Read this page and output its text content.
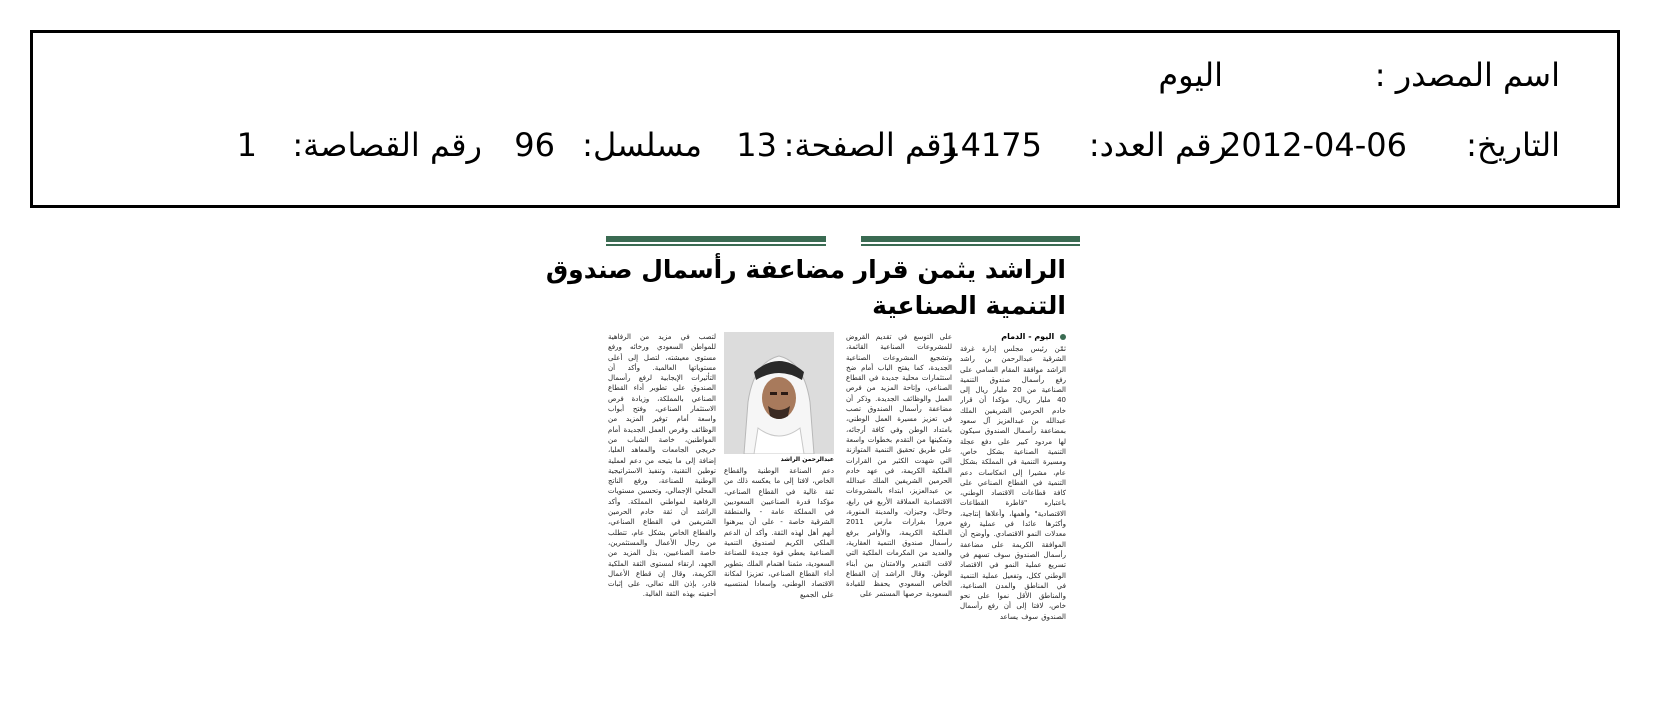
اسم المصدر :
اليوم
التاريخ:
2012-04-06
رقم العدد:
14175
رقم الصفحة:
13
مسلسل:
96
رقم القصاصة:
1
الراشد يثمن قرار مضاعفة رأسمال صندوق
التنمية الصناعية
اليوم - الدمام
ثمّن رئيس مجلس إدارة غرفة الشرقية عبدالرحمن بن راشد الراشد موافقة المقام السامي على رفع رأسمال صندوق التنمية الصناعية من 20 مليار ريال إلى 40 مليار ريال، مؤكدا أن قرار خادم الحرمين الشريفين الملك عبدالله بن عبدالعزيز آل سعود بمضاعفة رأسمال الصندوق سيكون لها مردود كبير على دفع عجلة التنمية الصناعية بشكل خاص، ومسيرة التنمية في المملكة بشكل عام، مشيرا إلى انعكاسات دعم التنمية في القطاع الصناعي على كافة قطاعات الاقتصاد الوطني، باعتباره "قاطرة القطاعات الاقتصادية" وأهمها، وأعلاها إنتاجية، وأكثرها عائدا في عملية رفع معدلات النمو الاقتصادي. وأوضح أن الموافقة الكريمة على مضاعفة رأسمال الصندوق سوف تسهم في تسريع عملية النمو في الاقتصاد الوطني ككل، وتفعيل عملية التنمية في المناطق والمدن الصناعية، والمناطق الأقل نموا على نحو خاص، لافتا إلى أن رفع رأسمال الصندوق سوف يساعد
على التوسع في تقديم القروض للمشروعات الصناعية القائمة، وتشجيع المشروعات الصناعية الجديدة، كما يفتح الباب أمام ضخ استثمارات محلية جديدة في القطاع الصناعي، وإتاحة المزيد من فرص العمل والوظائف الجديدة. وذكر أن مضاعفة رأسمال الصندوق تصب في تعزيز مسيرة العمل الوطني، بامتداد الوطن وفي كافة أرجائه، وتمكينها من التقدم بخطوات واسعة على طريق تحقيق التنمية المتوازنة التي شهدت الكثير من القرارات الملكية الكريمة، في عهد خادم الحرمين الشريفين الملك عبدالله بن عبدالعزيز، ابتداء بالمشروعات الاقتصادية العملاقة الأربع في رابغ، وحائل، وجيزان، والمدينة المنورة، مرورا بقرارات مارس 2011 الملكية الكريمة، والأوامر برفع رأسمال صندوق التنمية العقارية، والعديد من المكرمات الملكية التي لاقت التقدير والامتنان بين أبناء الوطن. وقال الراشد إن القطاع الخاص السعودي يحفظ للقيادة السعودية حرصها المستمر على
عبدالرحمن الراشد
دعم الصناعة الوطنية والقطاع الخاص، لافتا إلى ما يعكسه ذلك من ثقة غالية في القطاع الصناعي، مؤكدا قدرة الصناعيين السعوديين في المملكة عامة - والمنطقة الشرقية خاصة - على أن يبرهنوا أنهم أهل لهذه الثقة. وأكد أن الدعم الملكي الكريم لصندوق التنمية الصناعية يعطي قوة جديدة للصناعة السعودية، مثمنا اهتمام الملك بتطوير أداء القطاع الصناعي، تعزيزا لمكانة الاقتصاد الوطني، وإسعادا لمنتسبيه على الجميع
لتصب في مزيد من الرفاهية للمواطن السعودي ورخائه ورفع مستوى معيشته، لتصل إلى أعلى مستوياتها العالمية. وأكد أن التأثيرات الإيجابية لرفع رأسمال الصندوق على تطوير أداء القطاع الصناعي بالمملكة، وزيادة فرص الاستثمار الصناعي، وفتح أبواب واسعة أمام توفير المزيد من الوظائف وفرص العمل الجديدة أمام المواطنين، خاصة الشباب من خريجي الجامعات والمعاهد العليا، إضافة إلى ما يتيحه من دعم لعملية توطين التقنية، وتنفيذ الاستراتيجية الوطنية للصناعة، ورفع الناتج المحلي الإجمالي، وتحسين مستويات الرفاهية لمواطني المملكة. وأكد الراشد أن ثقة خادم الحرمين الشريفين في القطاع الصناعي، والقطاع الخاص بشكل عام، تتطلب من رجال الأعمال والمستثمرين، خاصة الصناعيين، بذل المزيد من الجهد، ارتقاء لمستوى الثقة الملكية الكريمة، وقال إن قطاع الأعمال قادر، بإذن الله تعالى، على إثبات أحقيته بهذه الثقة الغالية.
